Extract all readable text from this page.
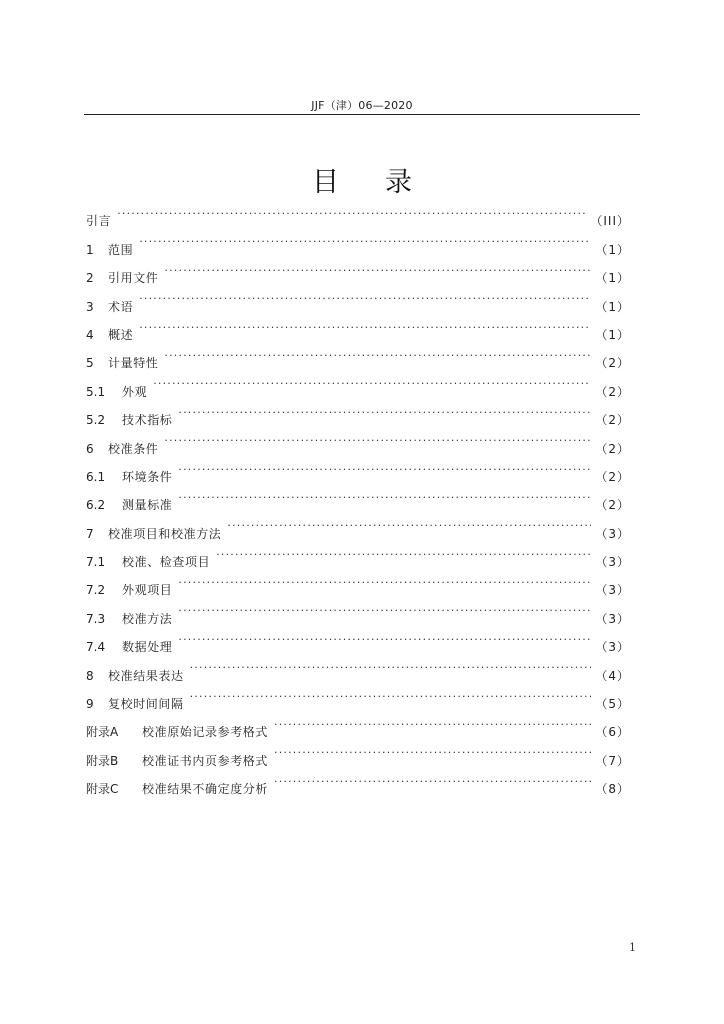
JJF（津）06—2020
目 录
引言 .....	（III）
1	范围 .....	（1）
2	引用文件 .....	（1）
3	术语 .....	（1）
4	概述 .....	（1）
5	计量特性 .....	（2）
5.1	外观 .....	（2）
5.2	技术指标 .....	（2）
6	校准条件 .....	（2）
6.1	环境条件 .....	（2）
6.2	测量标准 .....	（2）
7	校准项目和校准方法 .....	（3）
7.1	校准、检查项目 .....	（3）
7.2	外观项目 .....	（3）
7.3	校准方法 .....	（3）
7.4	数据处理 .....	（3）
8	校准结果表达 .....	（4）
9	复校时间间隔 .....	（5）
附录A	校准原始记录参考格式 .....	（6）
附录B	校准证书内页参考格式 .....	（7）
附录C	校准结果不确定度分析 .....	（8）
1
